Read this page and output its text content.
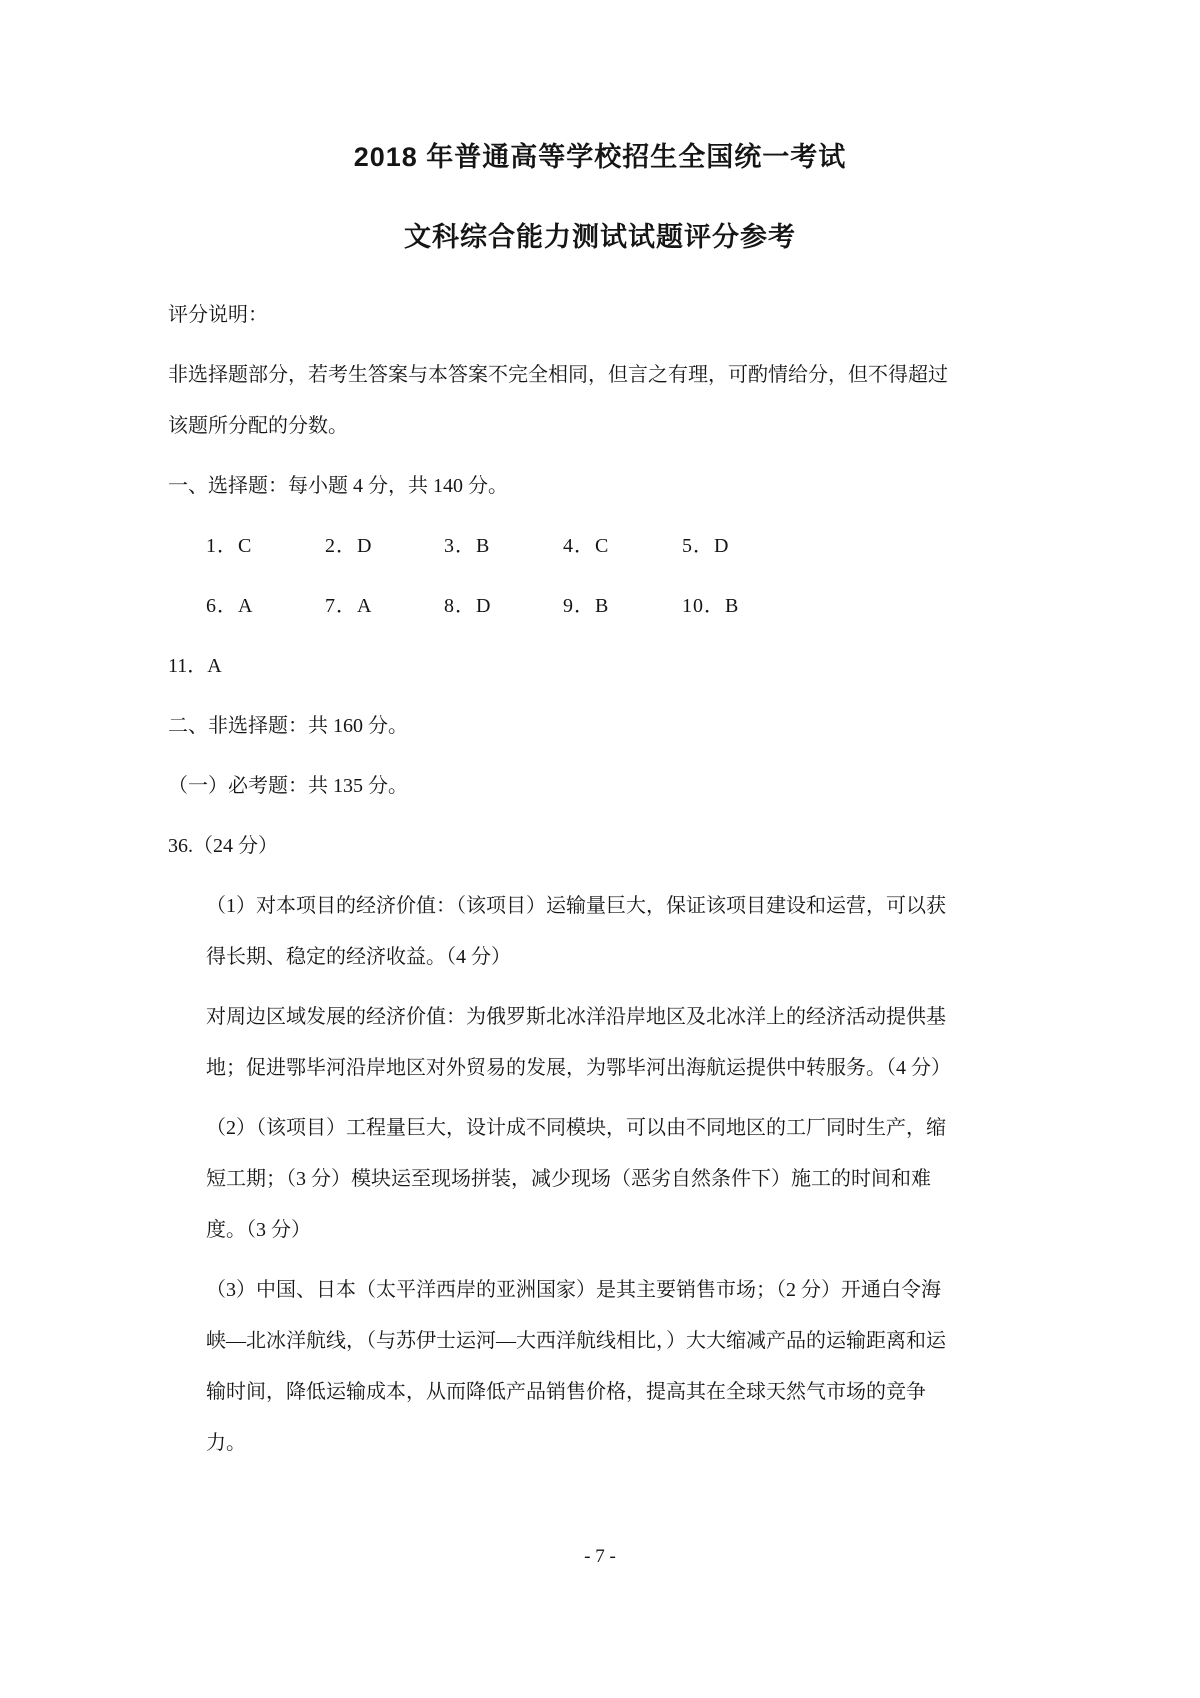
2018 年普通高等学校招生全国统一考试
文科综合能力测试试题评分参考
评分说明：
非选择题部分，若考生答案与本答案不完全相同，但言之有理，可酌情给分，但不得超过
该题所分配的分数。
一、选择题：每小题 4 分，共 140 分。
1．C	2．D	3．B	4．C	5．D
6．A	7．A	8．D	9．B	10．B
11．A
二、非选择题：共 160 分。
（一）必考题：共 135 分。
36.（24 分）
（1）对本项目的经济价值：（该项目）运输量巨大，保证该项目建设和运营，可以获
得长期、稳定的经济收益。（4 分）
对周边区域发展的经济价值：为俄罗斯北冰洋沿岸地区及北冰洋上的经济活动提供基
地；促进鄂毕河沿岸地区对外贸易的发展，为鄂毕河出海航运提供中转服务。（4 分）
（2）（该项目）工程量巨大，设计成不同模块，可以由不同地区的工厂同时生产，缩
短工期；（3 分）模块运至现场拼装，减少现场（恶劣自然条件下）施工的时间和难
度。（3 分）
（3）中国、日本（太平洋西岸的亚洲国家）是其主要销售市场；（2 分）开通白令海
峡—北冰洋航线，（与苏伊士运河—大西洋航线相比，）大大缩减产品的运输距离和运
输时间，降低运输成本，从而降低产品销售价格，提高其在全球天然气市场的竞争
力。
- 7 -
